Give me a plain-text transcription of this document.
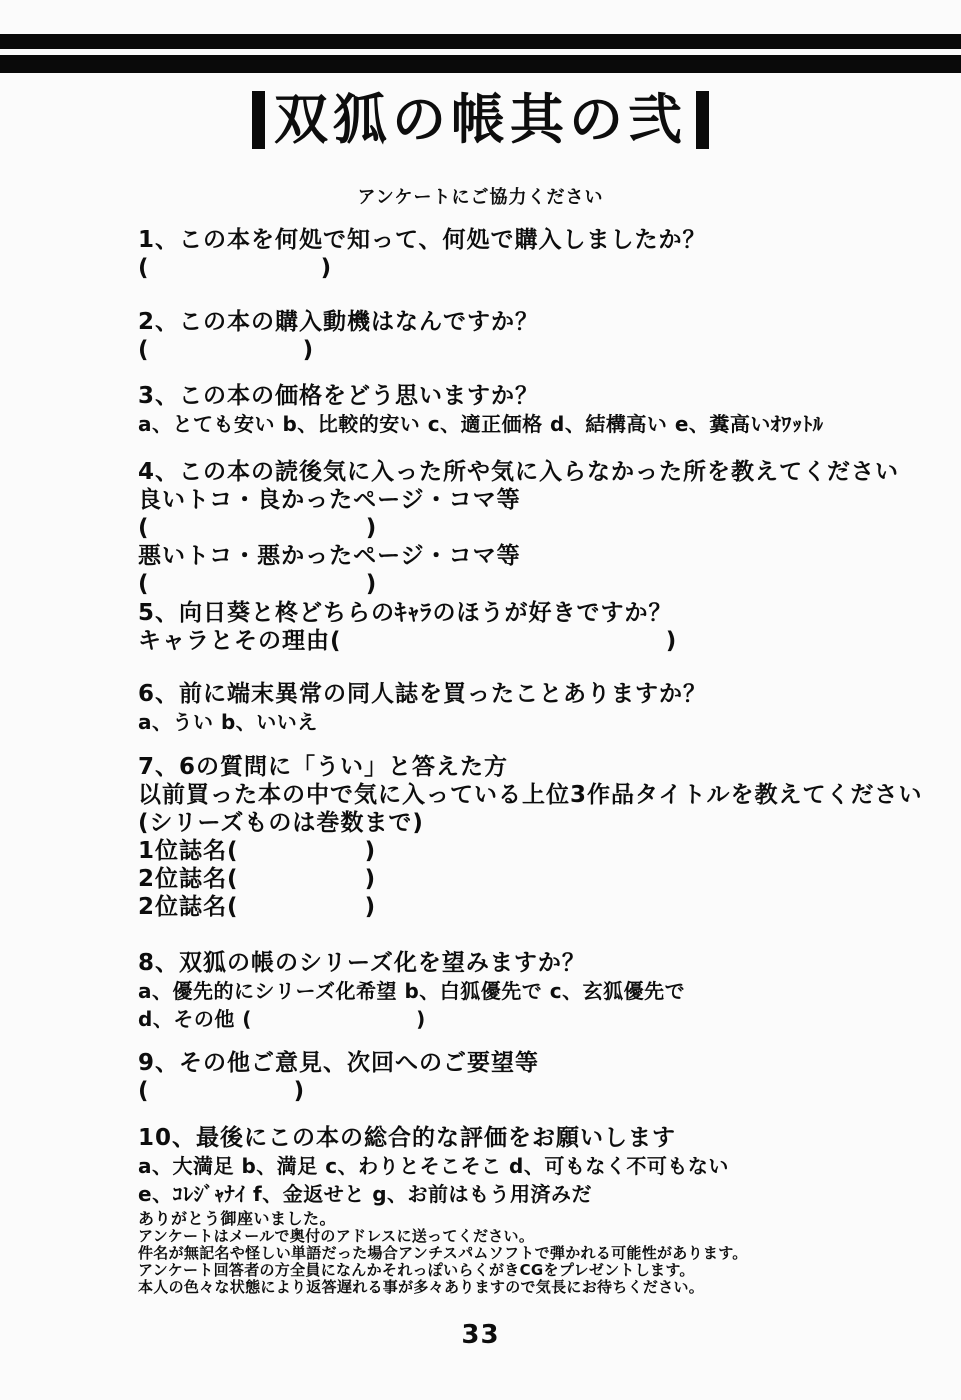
双狐の帳其の弐
アンケートにご協力ください

1、この本を何処で知って、何処で購入しましたか？

(                   )

2、この本の購入動機はなんですか？

(                 )

3、この本の価格をどう思いますか？

a、とても安い b、比較的安い c、適正価格 d、結構高い e、糞高いｵﾜｯﾄﾙ

4、この本の読後気に入った所や気に入らなかった所を教えてください

良いトコ・良かったページ・コマ等

(                        )

悪いトコ・悪かったページ・コマ等

(                        )

5、向日葵と柊どちらのｷｬﾗのほうが好きですか？

キャラとその理由(                                    )

6、前に端末異常の同人誌を買ったことありますか？

a、うい b、いいえ

7、6の質問に「うい」と答えた方

以前買った本の中で気に入っている上位3作品タイトルを教えてください

(シリーズものは巻数まで)

1位誌名(              )

2位誌名(              )

2位誌名(              )

8、双狐の帳のシリーズ化を望みますか？

a、優先的にシリーズ化希望 b、白狐優先で c、玄狐優先で

d、その他 (                      )

9、その他ご意見、次回へのご要望等

(                )

10、最後にこの本の総合的な評価をお願いします

a、大満足 b、満足 c、わりとそこそこ d、可もなく不可もない

e、ｺﾚｼﾞｬﾅｲ f、金返せと g、お前はもう用済みだ

ありがとう御座いました。

アンケートはメールで奥付のアドレスに送ってください。

件名が無記名や怪しい単語だった場合アンチスパムソフトで弾かれる可能性があります。

アンケート回答者の方全員になんかそれっぽいらくがきCGをプレゼントします。

本人の色々な状態により返答遅れる事が多々ありますので気長にお待ちください。

33
